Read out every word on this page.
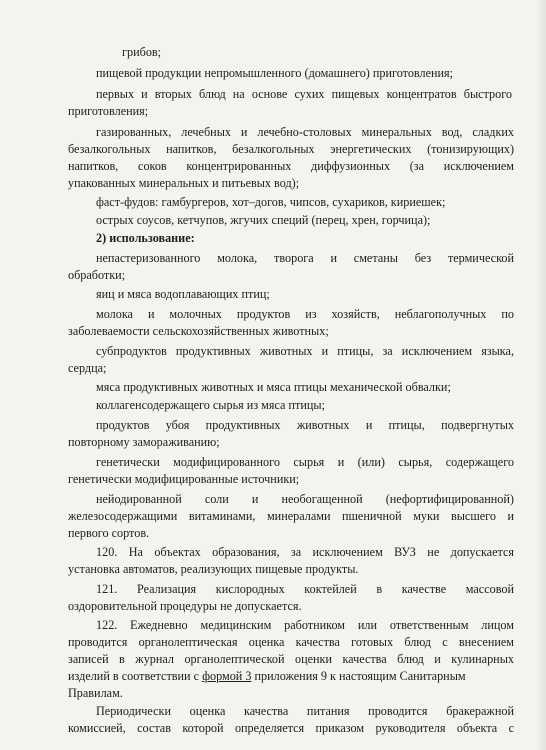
грибов;
пищевой продукции непромышленного (домашнего) приготовления;
первых и вторых блюд на основе сухих пищевых концентратов быстрого
приготовления;
газированных, лечебных и лечебно-столовых минеральных вод, сладких
безалкогольных напитков, безалкогольных энергетических (тонизирующих)
напитков, соков концентрированных диффузионных (за исключением
упакованных минеральных и питьевых вод);
фаст-фудов: гамбургеров, хот–догов, чипсов, сухариков, кириешек;
острых соусов, кетчупов, жгучих специй (перец, хрен, горчица);
2) использование:
непастеризованного молока, творога и сметаны без термической
обработки;
яиц и мяса водоплавающих птиц;
молока и молочных продуктов из хозяйств, неблагополучных по
заболеваемости сельскохозяйственных животных;
субпродуктов продуктивных животных и птицы, за исключением языка,
сердца;
мяса продуктивных животных и мяса птицы механической обвалки;
коллагенсодержащего сырья из мяса птицы;
продуктов убоя продуктивных животных и птицы, подвергнутых
повторному замораживанию;
генетически модифицированного сырья и (или) сырья, содержащего
генетически модифицированные источники;
нейодированной соли и необогащенной (нефортифицированной)
железосодержащими витаминами, минералами пшеничной муки высшего и
первого сортов.
120. На объектах образования, за исключением ВУЗ не допускается
установка автоматов, реализующих пищевые продукты.
121. Реализация кислородных коктейлей в качестве массовой
оздоровительной процедуры не допускается.
122. Ежедневно медицинским работником или ответственным лицом
проводится органолептическая оценка качества готовых блюд с внесением
записей в журнал органолептической оценки качества блюд и кулинарных
изделий в соответствии с формой 3 приложения 9 к настоящим Санитарным
Правилам.
Периодически оценка качества питания проводится бракеражной
комиссией, состав которой определяется приказом руководителя объекта с
